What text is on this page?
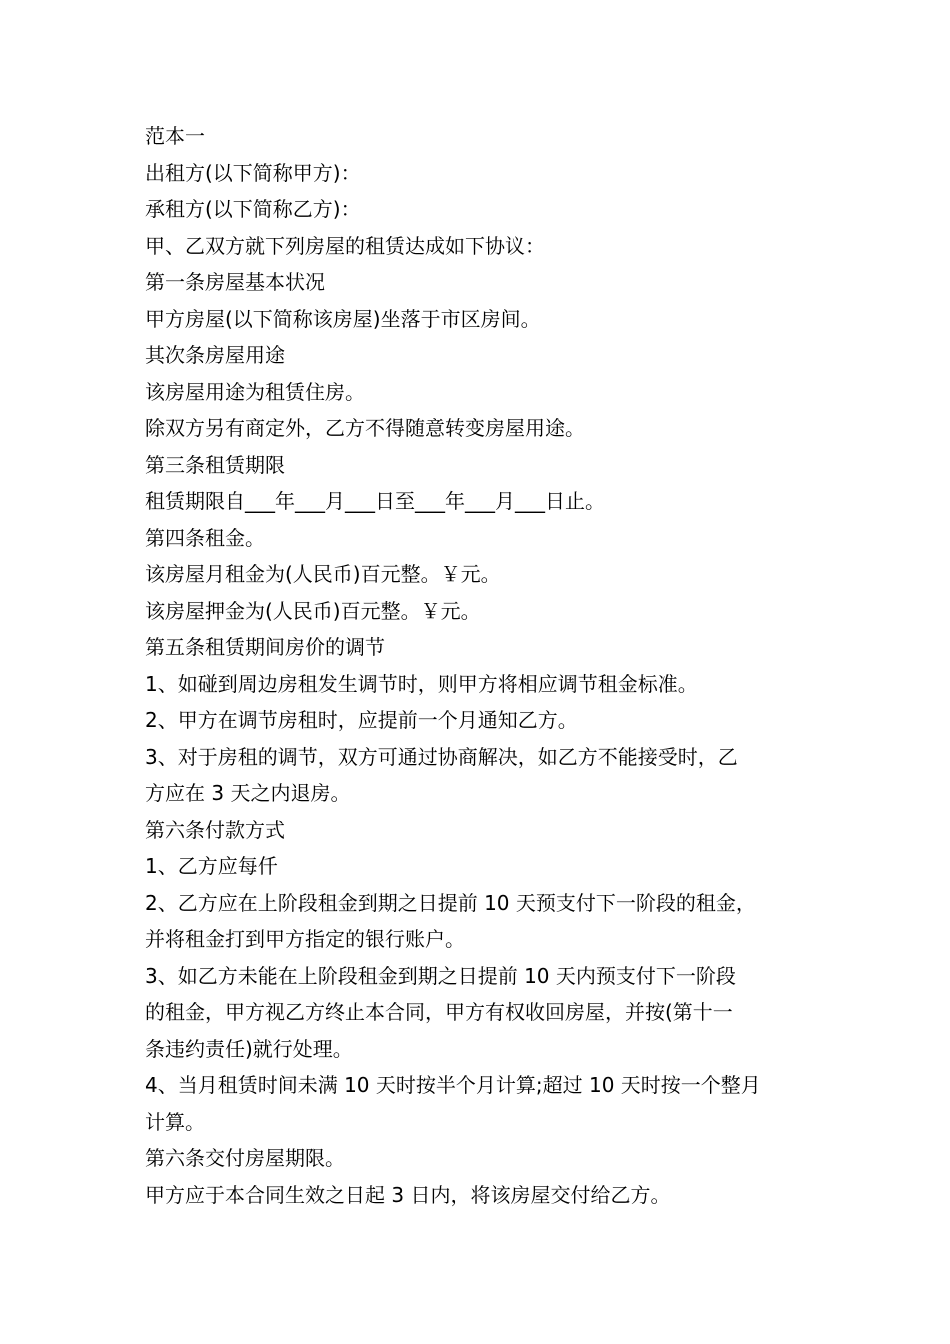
范本一
出租方(以下简称甲方)：
承租方(以下简称乙方)：
甲、乙双方就下列房屋的租赁达成如下协议：
第一条房屋基本状况
甲方房屋(以下简称该房屋)坐落于市区房间。
其次条房屋用途
该房屋用途为租赁住房。
除双方另有商定外，乙方不得随意转变房屋用途。
第三条租赁期限
租赁期限自___年___月___日至___年___月___日止。
第四条租金。
该房屋月租金为(人民币)百元整。￥元。
该房屋押金为(人民币)百元整。￥元。
第五条租赁期间房价的调节
1、如碰到周边房租发生调节时，则甲方将相应调节租金标准。
2、甲方在调节房租时，应提前一个月通知乙方。
3、对于房租的调节，双方可通过协商解决，如乙方不能接受时，乙
方应在 3 天之内退房。
第六条付款方式
1、乙方应每仟
2、乙方应在上阶段租金到期之日提前 10 天预支付下一阶段的租金，
并将租金打到甲方指定的银行账户。
3、如乙方未能在上阶段租金到期之日提前 10 天内预支付下一阶段
的租金，甲方视乙方终止本合同，甲方有权收回房屋，并按(第十一
条违约责任)就行处理。
4、当月租赁时间未满 10 天时按半个月计算;超过 10 天时按一个整月
计算。
第六条交付房屋期限。
甲方应于本合同生效之日起 3 日内，将该房屋交付给乙方。
